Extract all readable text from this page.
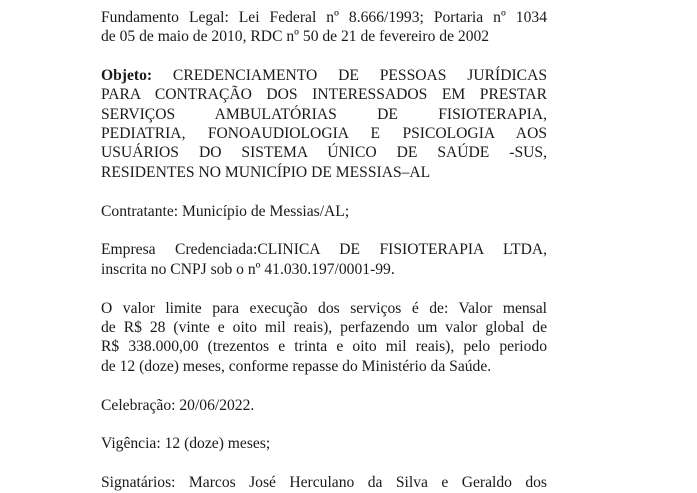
Fundamento Legal: Lei Federal nº 8.666/1993; Portaria nº 1034
de 05 de maio de 2010, RDC nº 50 de 21 de fevereiro de 2002

Objeto: CREDENCIAMENTO DE PESSOAS JURÍDICAS
PARA CONTRAÇÃO DOS INTERESSADOS EM PRESTAR
SERVIÇOS AMBULATÓRIAS DE FISIOTERAPIA,
PEDIATRIA, FONOAUDIOLOGIA E PSICOLOGIA AOS
USUÁRIOS DO SISTEMA ÚNICO DE SAÚDE -SUS,
RESIDENTES NO MUNICÍPIO DE MESSIAS–AL

Contratante: Município de Messias/AL;

Empresa Credenciada:CLINICA DE FISIOTERAPIA LTDA,
inscrita no CNPJ sob o nº 41.030.197/0001-99.

O valor limite para execução dos serviços é de: Valor mensal
de R$ 28 (vinte e oito mil reais), perfazendo um valor global de
R$ 338.000,00 (trezentos e trinta e oito mil reais), pelo periodo
de 12 (doze) meses, conforme repasse do Ministério da Saúde.

Celebração: 20/06/2022.

Vigência: 12 (doze) meses;

Signatários: Marcos José Herculano da Silva e Geraldo dos
